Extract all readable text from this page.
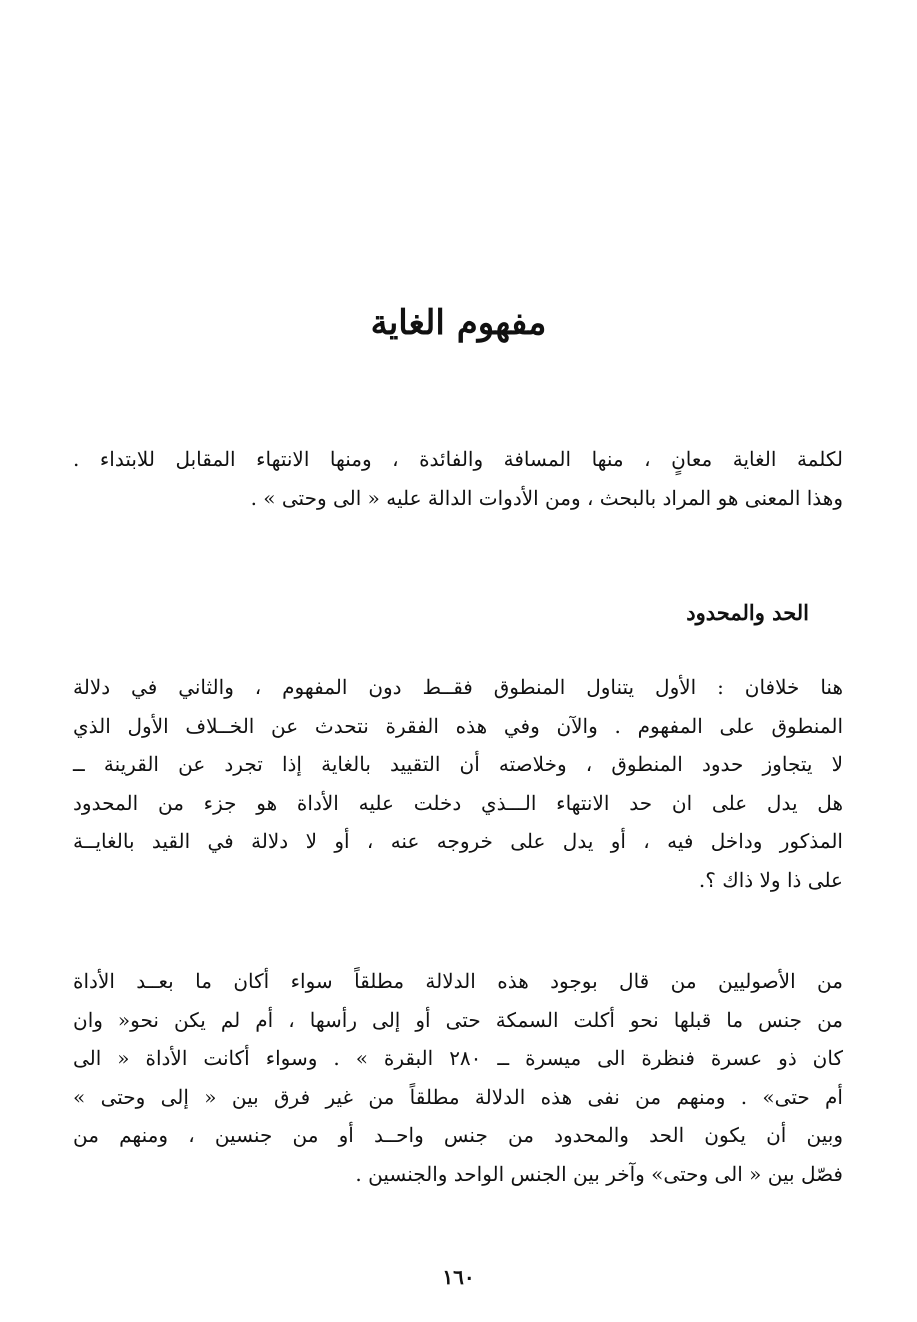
مفهوم الغاية

لكلمة الغاية معانٍ ، منها المسافة والفائدة ، ومنها الانتهاء المقابل للابتداء .
وهذا المعنى هو المراد بالبحث ، ومن الأدوات الدالة عليه « الى وحتى » .

الحد والمحدود

هنا خلافان : الأول يتناول المنطوق فقــط دون المفهوم ، والثاني في دلالة
المنطوق على المفهوم . والآن وفي هذه الفقرة نتحدث عن الخــلاف الأول الذي
لا يتجاوز حدود المنطوق ، وخلاصته أن التقييد بالغاية إذا تجرد عن القرينة ــ
هل يدل على ان حد الانتهاء الـــذي دخلت عليه الأداة هو جزء من المحدود
المذكور وداخل فيه ، أو يدل على خروجه عنه ، أو لا دلالة في القيد بالغايــة
على ذا ولا ذاك ؟.

من الأصوليين من قال بوجود هذه الدلالة مطلقاً سواء أكان ما بعــد الأداة
من جنس ما قبلها نحو أكلت السمكة حتى أو إلى رأسها ، أم لم يكن نحو« وان
كان ذو عسرة فنظرة الى ميسرة ــ ٢٨٠ البقرة » . وسواء أكانت الأداة « الى
أم حتى» . ومنهم من نفى هذه الدلالة مطلقاً من غير فرق بين « إلى وحتى »
وبين أن يكون الحد والمحدود من جنس واحــد أو من جنسين ، ومنهم من
فصّل بين « الى وحتى» وآخر بين الجنس الواحد والجنسين .

١٦٠
